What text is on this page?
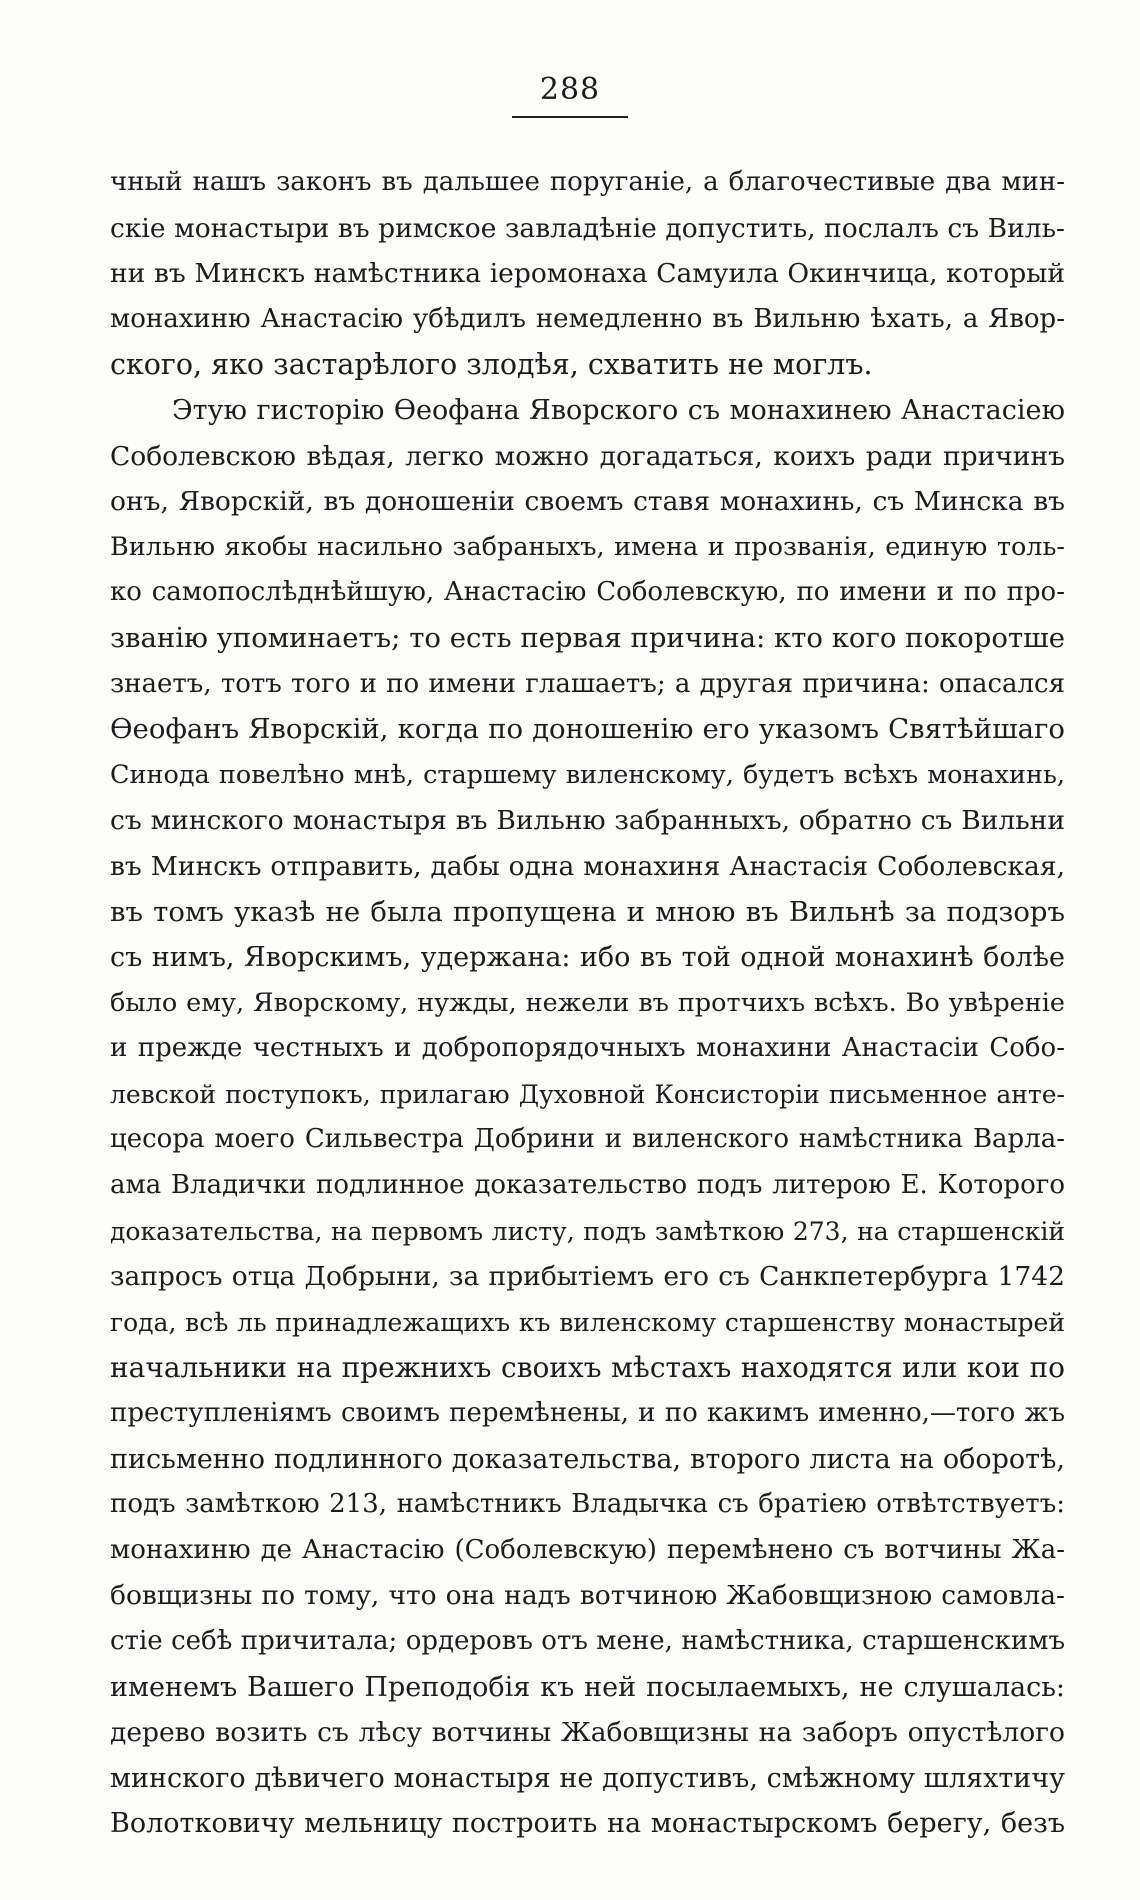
288
чный нашъ законъ въ дальшее поруганіе, а благочестивые два мин-
скіе монастыри въ римское завладѣніе допустить, послалъ съ Виль-
ни въ Минскъ намѣстника іеромонаха Самуила Окинчица, который
монахиню Анастасію убѣдилъ немедленно въ Вильню ѣхать, а Явор-
ского, яко застарѣлого злодѣя, схватить не моглъ.
Этую гисторію Ѳеофана Яворского съ монахинею Анастасіею
Соболевскою вѣдая, легко можно догадаться, коихъ ради причинъ
онъ, Яворскій, въ доношеніи своемъ ставя монахинь, съ Минска въ
Вильню якобы насильно забраныхъ, имена и прозванія, единую толь-
ко самопослѣднѣйшую, Анастасію Соболевскую, по имени и по про-
званію упоминаетъ; то есть первая причина: кто кого покоротше
знаетъ, тотъ того и по имени глашаетъ; а другая причина: опасался
Ѳеофанъ Яворскій, когда по доношенію его указомъ Святѣйшаго
Синода повелѣно мнѣ, старшему виленскому, будетъ всѣхъ монахинь,
съ минского монастыря въ Вильню забранныхъ, обратно съ Вильни
въ Минскъ отправить, дабы одна монахиня Анастасія Соболевская,
въ томъ указѣ не была пропущена и мною въ Вильнѣ за подзоръ
съ нимъ, Яворскимъ, удержана: ибо въ той одной монахинѣ болѣе
было ему, Яворскому, нужды, нежели въ протчихъ всѣхъ. Во увѣреніе
и прежде честныхъ и добропорядочныхъ монахини Анастасіи Собо-
левской поступокъ, прилагаю Духовной Консисторіи письменное анте-
цесора моего Сильвестра Добрини и виленского намѣстника Варла-
ама Владички подлинное доказательство подъ литерою Е. Которого
доказательства, на первомъ листу, подъ замѣткою 273, на старшенскій
запросъ отца Добрыни, за прибытіемъ его съ Санкпетербурга 1742
года, всѣ ль принадлежащихъ къ виленскому старшенству монастырей
начальники на прежнихъ своихъ мѣстахъ находятся или кои по
преступленіямъ своимъ перемѣнены, и по какимъ именно,—того жъ
письменно подлинного доказательства, второго листа на оборотѣ,
подъ замѣткою 213, намѣстникъ Владычка съ братіею отвѣтствуетъ:
монахиню де Анастасію (Соболевскую) перемѣнено съ вотчины Жа-
бовщизны по тому, что она надъ вотчиною Жабовщизною самовла-
стіе себѣ причитала; ордеровъ отъ мене, намѣстника, старшенскимъ
именемъ Вашего Преподобія къ ней посылаемыхъ, не слушалась:
дерево возить съ лѣсу вотчины Жабовщизны на заборъ опустѣлого
минского дѣвичего монастыря не допустивъ, смѣжному шляхтичу
Волотковичу мельницу построить на монастырскомъ берегу, безъ
